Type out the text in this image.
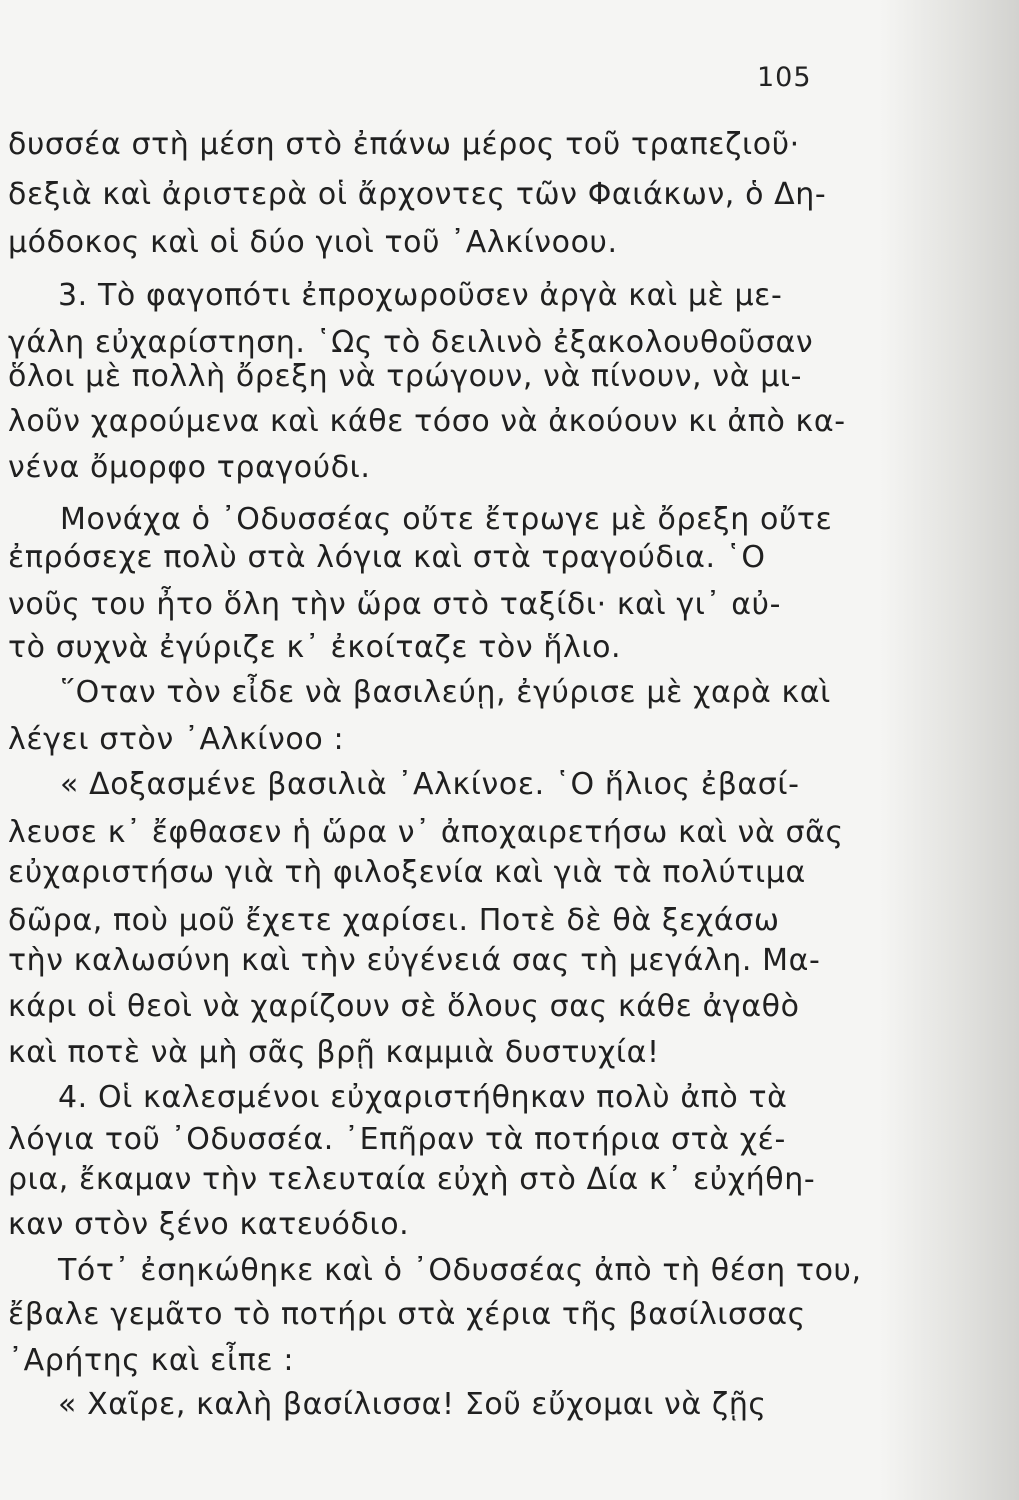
105
δυσσέα στὴ μέση στὸ ἐπάνω μέρος τοῦ τραπεζιοῦ·
δεξιὰ καὶ ἀριστερὰ οἱ ἄρχοντες τῶν Φαιάκων, ὁ Δη-
μόδοκος καὶ οἱ δύο γιοὶ τοῦ ᾽Αλκίνοου.
3. Τὸ φαγοπότι ἐπροχωροῦσεν ἀργὰ καὶ μὲ με-
γάλη εὐχαρίστηση. ῾Ως τὸ δειλινὸ ἐξακολουθοῦσαν
ὅλοι μὲ πολλὴ ὄρεξη νὰ τρώγουν, νὰ πίνουν, νὰ μι-
λοῦν χαρούμενα καὶ κάθε τόσο νὰ ἀκούουν κι ἀπὸ κα-
νένα ὄμορφο τραγούδι.
Μονάχα ὁ ᾽Οδυσσέας οὔτε ἔτρωγε μὲ ὄρεξη οὔτε
ἐπρόσεχε πολὺ στὰ λόγια καὶ στὰ τραγούδια. ῾Ο
νοῦς του ἦτο ὅλη τὴν ὥρα στὸ ταξίδι· καὶ γι᾽ αὐ-
τὸ συχνὰ ἐγύριζε κ᾽ ἐκοίταζε τὸν ἥλιο.
῞Οταν τὸν εἶδε νὰ βασιλεύῃ, ἐγύρισε μὲ χαρὰ καὶ
λέγει στὸν ᾽Αλκίνοο :
« Δοξασμένε βασιλιὰ ᾽Αλκίνοε. ῾Ο ἥλιος ἐβασί-
λευσε κ᾽ ἔφθασεν ἡ ὥρα ν᾽ ἀποχαιρετήσω καὶ νὰ σᾶς
εὐχαριστήσω γιὰ τὴ φιλοξενία καὶ γιὰ τὰ πολύτιμα
δῶρα, ποὺ μοῦ ἔχετε χαρίσει. Ποτὲ δὲ θὰ ξεχάσω
τὴν καλωσύνη καὶ τὴν εὐγένειά σας τὴ μεγάλη. Μα-
κάρι οἱ θεοὶ νὰ χαρίζουν σὲ ὅλους σας κάθε ἀγαθὸ
καὶ ποτὲ νὰ μὴ σᾶς βρῇ καμμιὰ δυστυχία!
4. Οἱ καλεσμένοι εὐχαριστήθηκαν πολὺ ἀπὸ τὰ
λόγια τοῦ ᾽Οδυσσέα. ᾽Επῆραν τὰ ποτήρια στὰ χέ-
ρια, ἔκαμαν τὴν τελευταία εὐχὴ στὸ Δία κ᾽ εὐχήθη-
καν στὸν ξένο κατευόδιο.
Τότ᾽ ἐσηκώθηκε καὶ ὁ ᾽Οδυσσέας ἀπὸ τὴ θέση του,
ἔβαλε γεμᾶτο τὸ ποτήρι στὰ χέρια τῆς βασίλισσας
᾽Αρήτης καὶ εἶπε :
« Χαῖρε, καλὴ βασίλισσα! Σοῦ εὔχομαι νὰ ζῇς
